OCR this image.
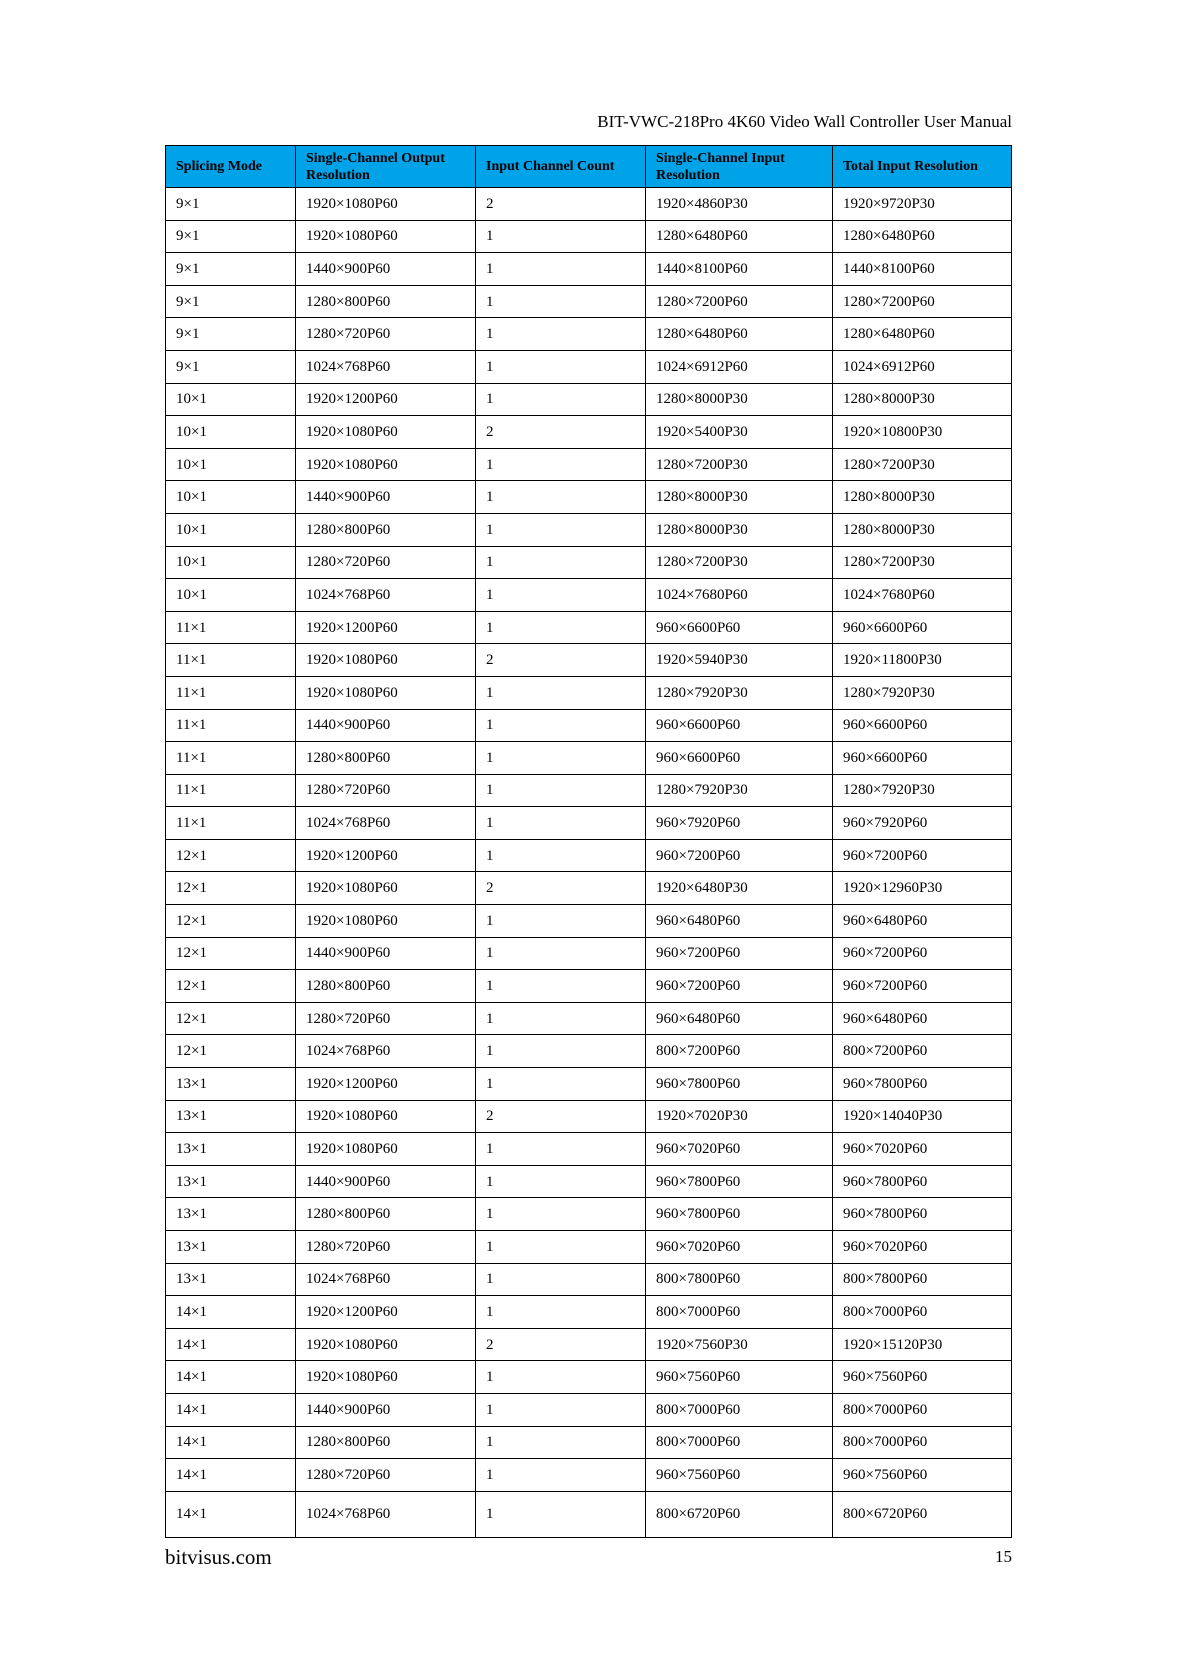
BIT-VWC-218Pro 4K60 Video Wall Controller User Manual
Splicing Mode	Single-Channel Output Resolution	Input Channel Count	Single-Channel Input Resolution	Total Input Resolution
9×1	1920×1080P60	2	1920×4860P30	1920×9720P30
9×1	1920×1080P60	1	1280×6480P60	1280×6480P60
9×1	1440×900P60	1	1440×8100P60	1440×8100P60
9×1	1280×800P60	1	1280×7200P60	1280×7200P60
9×1	1280×720P60	1	1280×6480P60	1280×6480P60
9×1	1024×768P60	1	1024×6912P60	1024×6912P60
10×1	1920×1200P60	1	1280×8000P30	1280×8000P30
10×1	1920×1080P60	2	1920×5400P30	1920×10800P30
10×1	1920×1080P60	1	1280×7200P30	1280×7200P30
10×1	1440×900P60	1	1280×8000P30	1280×8000P30
10×1	1280×800P60	1	1280×8000P30	1280×8000P30
10×1	1280×720P60	1	1280×7200P30	1280×7200P30
10×1	1024×768P60	1	1024×7680P60	1024×7680P60
11×1	1920×1200P60	1	960×6600P60	960×6600P60
11×1	1920×1080P60	2	1920×5940P30	1920×11800P30
11×1	1920×1080P60	1	1280×7920P30	1280×7920P30
11×1	1440×900P60	1	960×6600P60	960×6600P60
11×1	1280×800P60	1	960×6600P60	960×6600P60
11×1	1280×720P60	1	1280×7920P30	1280×7920P30
11×1	1024×768P60	1	960×7920P60	960×7920P60
12×1	1920×1200P60	1	960×7200P60	960×7200P60
12×1	1920×1080P60	2	1920×6480P30	1920×12960P30
12×1	1920×1080P60	1	960×6480P60	960×6480P60
12×1	1440×900P60	1	960×7200P60	960×7200P60
12×1	1280×800P60	1	960×7200P60	960×7200P60
12×1	1280×720P60	1	960×6480P60	960×6480P60
12×1	1024×768P60	1	800×7200P60	800×7200P60
13×1	1920×1200P60	1	960×7800P60	960×7800P60
13×1	1920×1080P60	2	1920×7020P30	1920×14040P30
13×1	1920×1080P60	1	960×7020P60	960×7020P60
13×1	1440×900P60	1	960×7800P60	960×7800P60
13×1	1280×800P60	1	960×7800P60	960×7800P60
13×1	1280×720P60	1	960×7020P60	960×7020P60
13×1	1024×768P60	1	800×7800P60	800×7800P60
14×1	1920×1200P60	1	800×7000P60	800×7000P60
14×1	1920×1080P60	2	1920×7560P30	1920×15120P30
14×1	1920×1080P60	1	960×7560P60	960×7560P60
14×1	1440×900P60	1	800×7000P60	800×7000P60
14×1	1280×800P60	1	800×7000P60	800×7000P60
14×1	1280×720P60	1	960×7560P60	960×7560P60
14×1	1024×768P60	1	800×6720P60	800×6720P60
bitvisus.com	15
